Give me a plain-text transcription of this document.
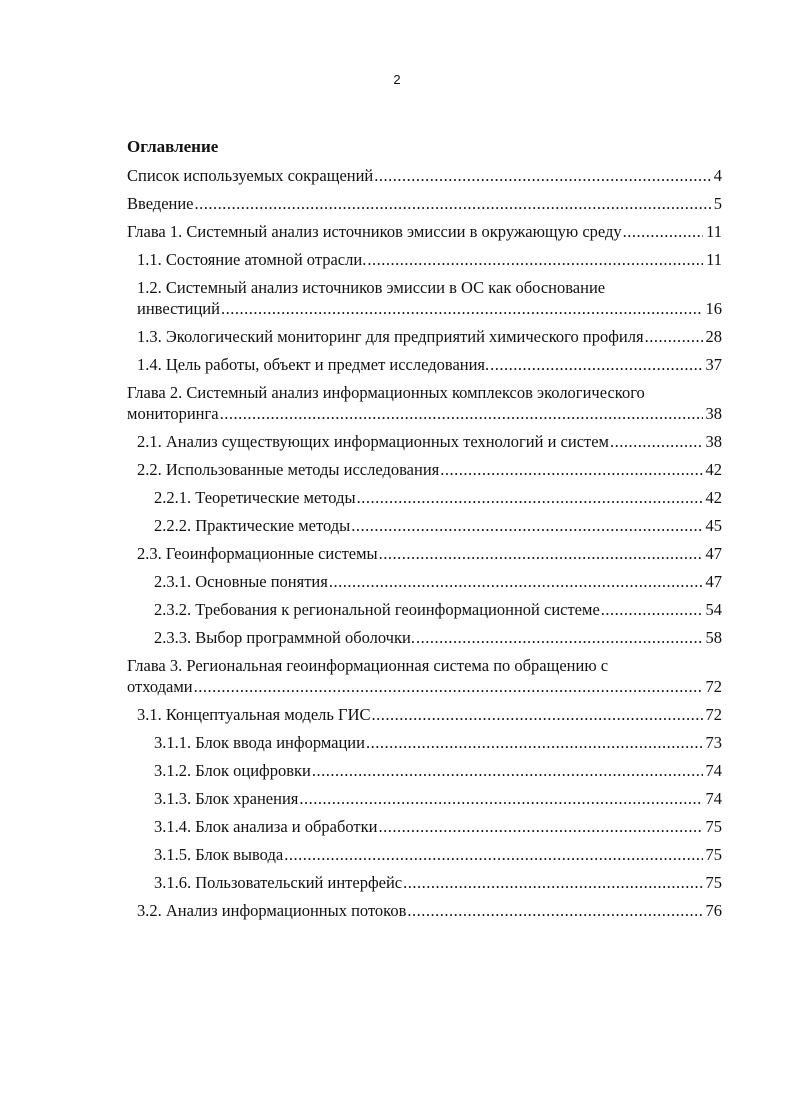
2
Оглавление
Список используемых сокращений .....	4
Введение .....	5
Глава 1. Системный анализ источников эмиссии в окружающую среду .....	11
1.1. Состояние атомной отрасли. .....	11
1.2. Системный анализ источников эмиссии в ОС как обоснование
инвестиций .....	16
1.3. Экологический мониторинг для предприятий химического профиля .....	28
1.4. Цель работы, объект и предмет исследования. .....	37
Глава 2. Системный анализ информационных комплексов экологического
мониторинга .....	38
2.1. Анализ существующих информационных технологий и систем .....	38
2.2. Использованные методы исследования .....	42
2.2.1. Теоретические методы .....	42
2.2.2. Практические методы .....	45
2.3. Геоинформационные системы .....	47
2.3.1. Основные понятия .....	47
2.3.2. Требования к региональной геоинформационной системе .....	54
2.3.3. Выбор программной оболочки. .....	58
Глава 3. Региональная геоинформационная система по обращению с
отходами .....	72
3.1. Концептуальная модель ГИС .....	72
3.1.1. Блок ввода информации .....	73
3.1.2. Блок оцифровки .....	74
3.1.3. Блок хранения .....	74
3.1.4. Блок анализа и обработки .....	75
3.1.5. Блок вывода .....	75
3.1.6. Пользовательский интерфейс .....	75
3.2. Анализ информационных потоков .....	76
